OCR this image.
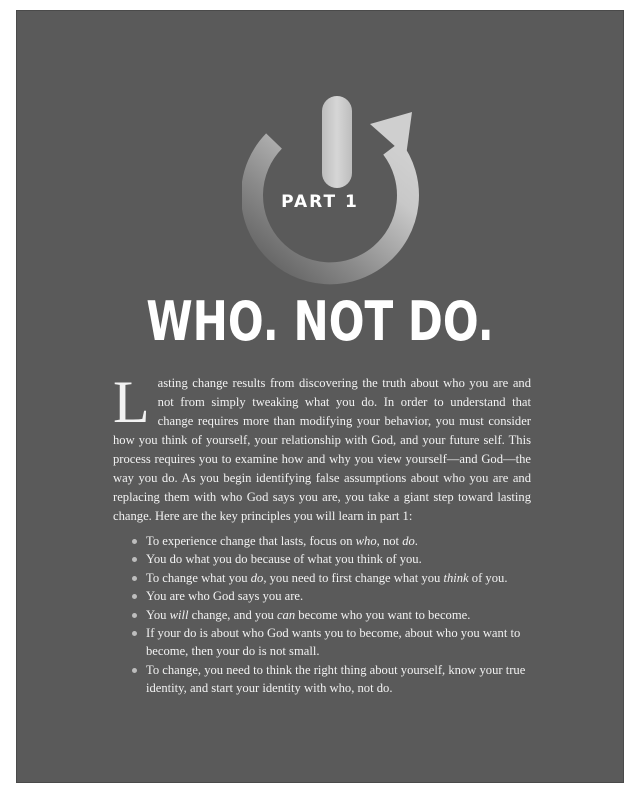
PART 1
WHO. NOT DO.
L asting change results from discovering the truth about who you are and not from simply tweaking what you do. In order to understand that change requires more than modifying your behavior, you must consider how you think of yourself, your relationship with God, and your future self. This process requires you to examine how and why you view yourself—and God—the way you do. As you begin identifying false assumptions about who you are and replacing them with who God says you are, you take a giant step toward lasting change. Here are the key principles you will learn in part 1:
To experience change that lasts, focus on who, not do.
You do what you do because of what you think of you.
To change what you do, you need to first change what you think of you.
You are who God says you are.
You will change, and you can become who you want to become.
If your do is about who God wants you to become, about who you want to become, then your do is not small.
To change, you need to think the right thing about yourself, know your true identity, and start your identity with who, not do.
